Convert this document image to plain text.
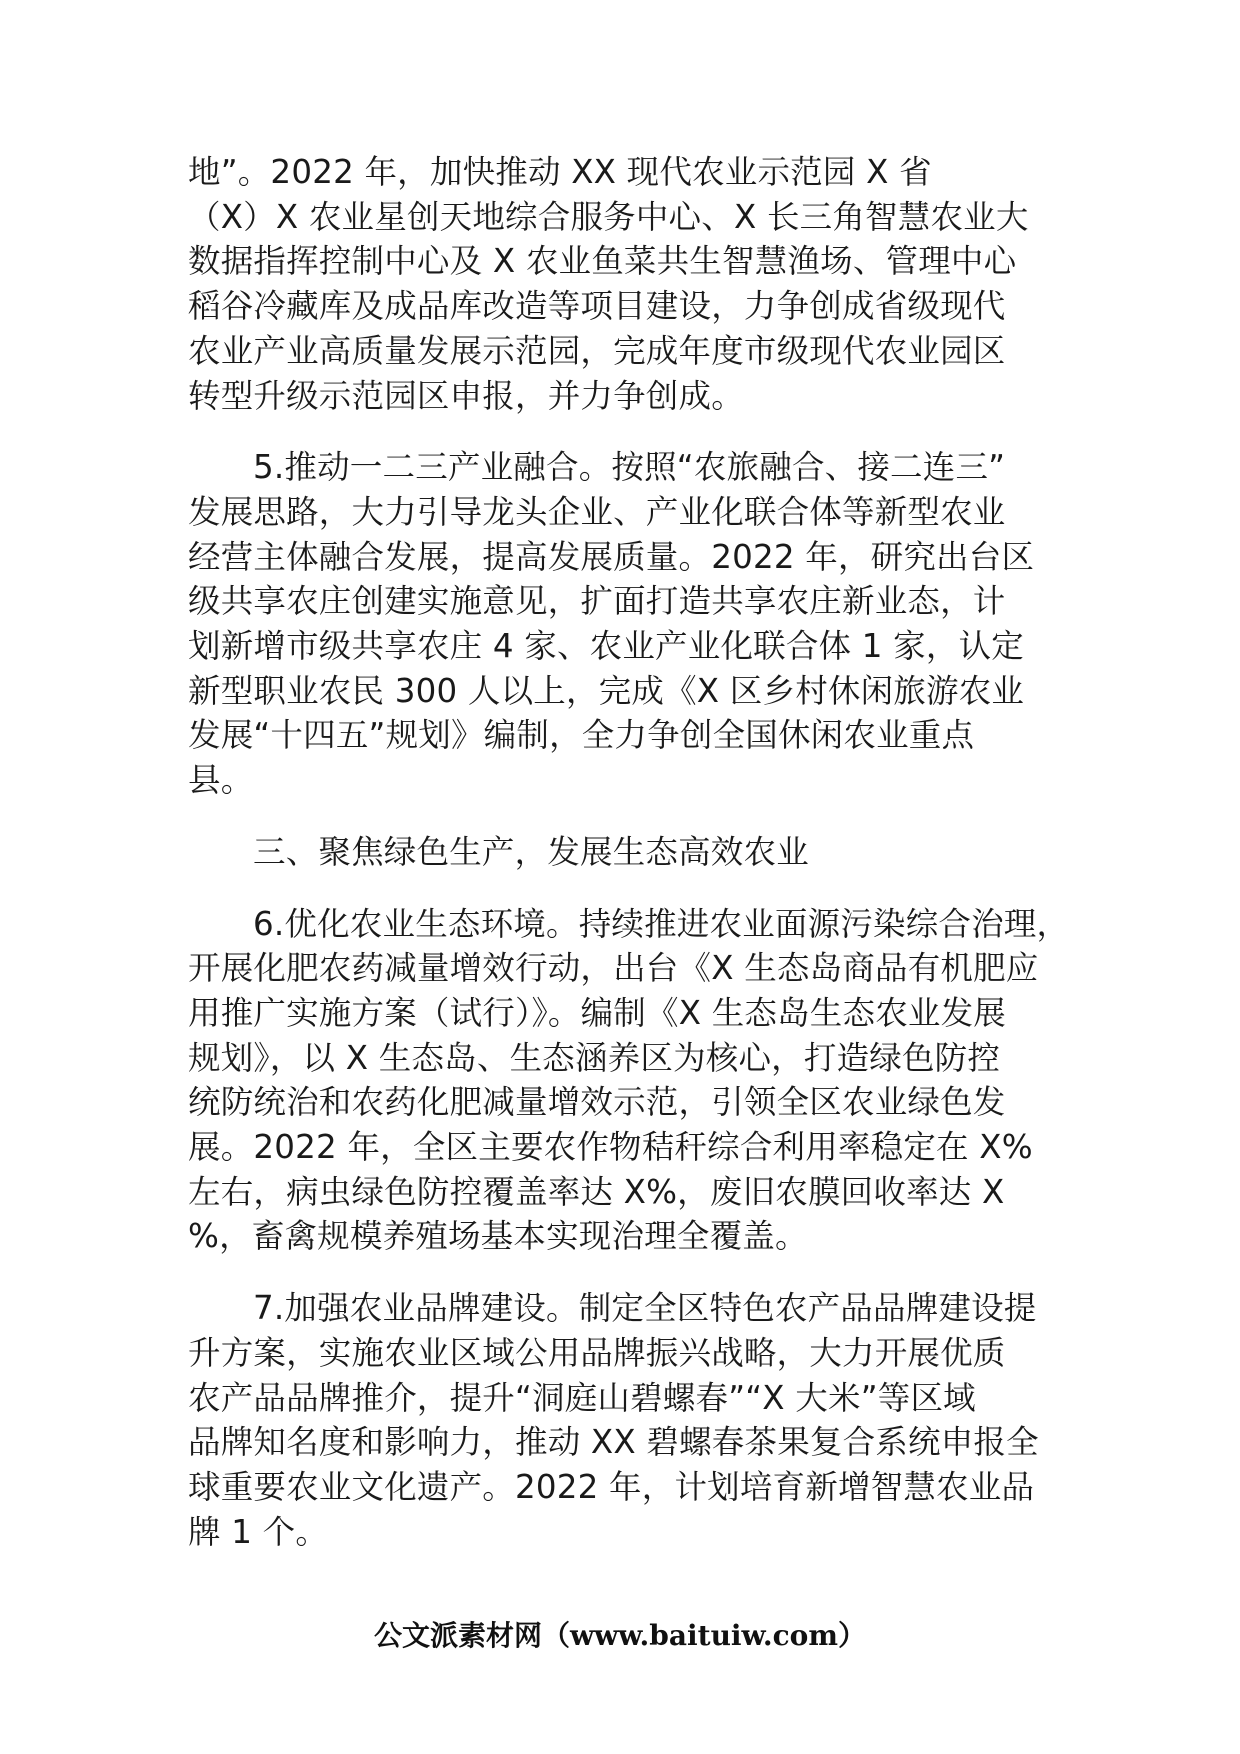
地”。2022 年，加快推动 XX 现代农业示范园 X 省
（X）X 农业星创天地综合服务中心、X 长三角智慧农业大
数据指挥控制中心及 X 农业鱼菜共生智慧渔场、管理中心
稻谷冷藏库及成品库改造等项目建设，力争创成省级现代
农业产业高质量发展示范园，完成年度市级现代农业园区
转型升级示范园区申报，并力争创成。
5.推动一二三产业融合。按照“农旅融合、接二连三”
发展思路，大力引导龙头企业、产业化联合体等新型农业
经营主体融合发展，提高发展质量。2022 年，研究出台区
级共享农庄创建实施意见，扩面打造共享农庄新业态，计
划新增市级共享农庄 4 家、农业产业化联合体 1 家，认定
新型职业农民 300 人以上，完成《X 区乡村休闲旅游农业
发展“十四五”规划》编制，全力争创全国休闲农业重点
县。
三、聚焦绿色生产，发展生态高效农业
6.优化农业生态环境。持续推进农业面源污染综合治理，
开展化肥农药减量增效行动，出台《X 生态岛商品有机肥应
用推广实施方案（试行）》。编制《X 生态岛生态农业发展
规划》，以 X 生态岛、生态涵养区为核心，打造绿色防控
统防统治和农药化肥减量增效示范，引领全区农业绿色发
展。2022 年，全区主要农作物秸秆综合利用率稳定在 X%
左右，病虫绿色防控覆盖率达 X%，废旧农膜回收率达 X
%，畜禽规模养殖场基本实现治理全覆盖。
7.加强农业品牌建设。制定全区特色农产品品牌建设提
升方案，实施农业区域公用品牌振兴战略，大力开展优质
农产品品牌推介，提升“洞庭山碧螺春”“X 大米”等区域
品牌知名度和影响力，推动 XX 碧螺春茶果复合系统申报全
球重要农业文化遗产。2022 年，计划培育新增智慧农业品
牌 1 个。
公文派素材网（www.baituiw.com）
